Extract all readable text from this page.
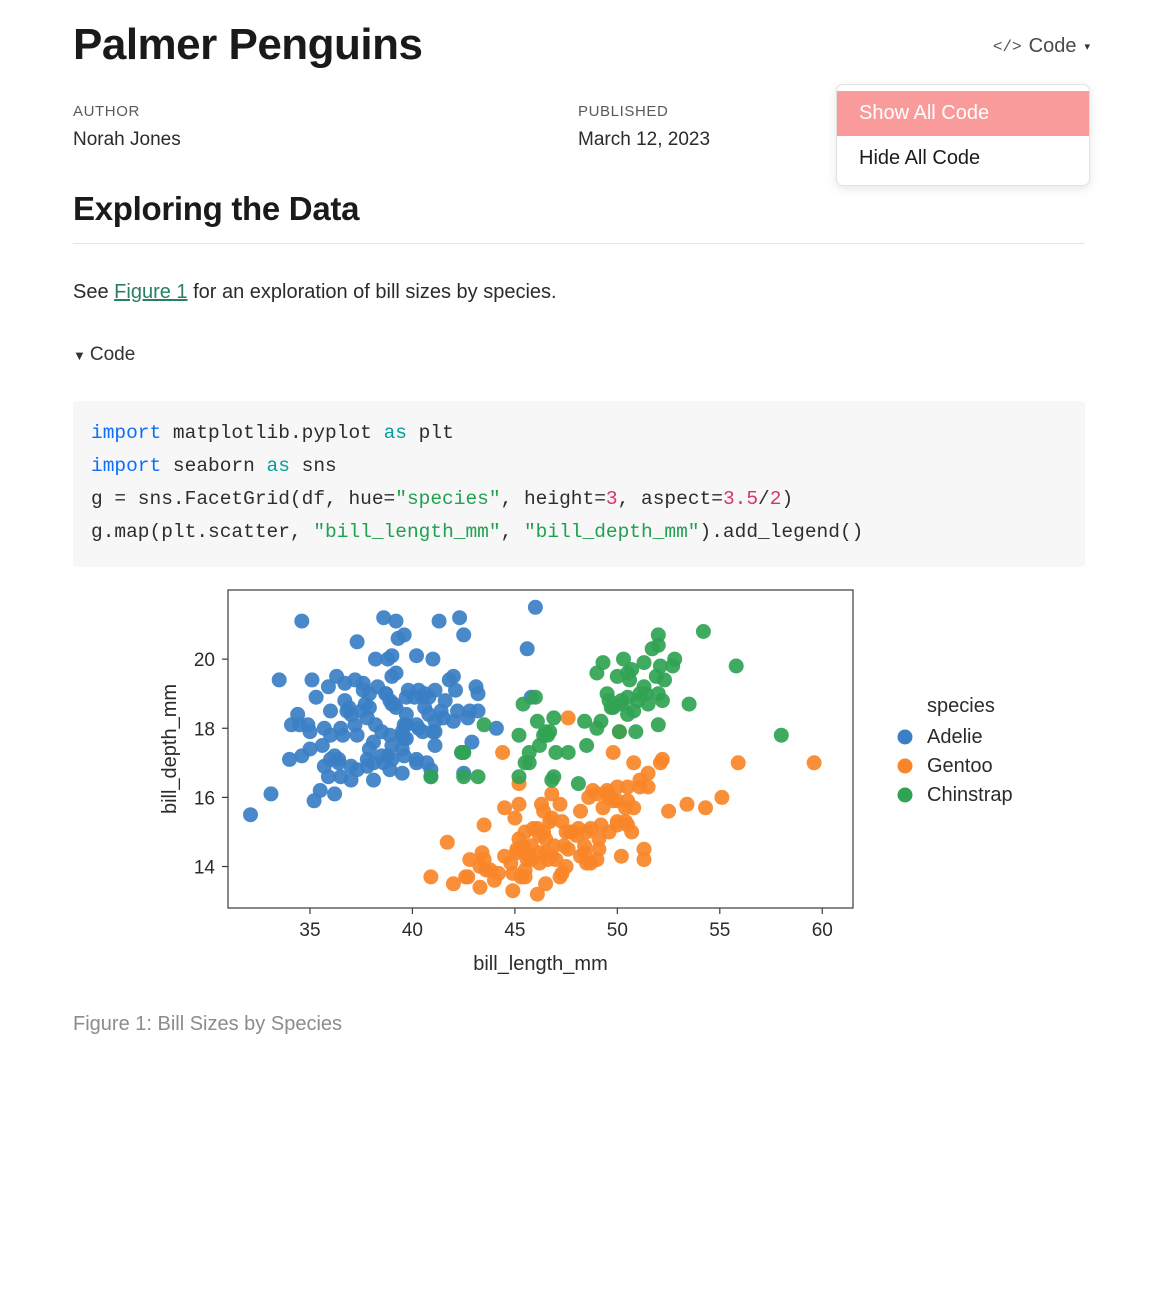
Palmer Penguins	</> Code ▾
AUTHOR
Norah Jones
PUBLISHED
March 12, 2023
Show All Code
Hide All Code
Exploring the Data
See Figure 1 for an exploration of bill sizes by species.
▼ Code
import matplotlib.pyplot as plt
import seaborn as sns
g = sns.FacetGrid(df, hue="species", height=3, aspect=3.5/2)
g.map(plt.scatter, "bill_length_mm", "bill_depth_mm").add_legend()
35	40	45	50	55	60
14
16
18
20
bill_length_mm
bill_depth_mm	species
Adelie
Gentoo
Chinstrap
Figure 1: Bill Sizes by Species
